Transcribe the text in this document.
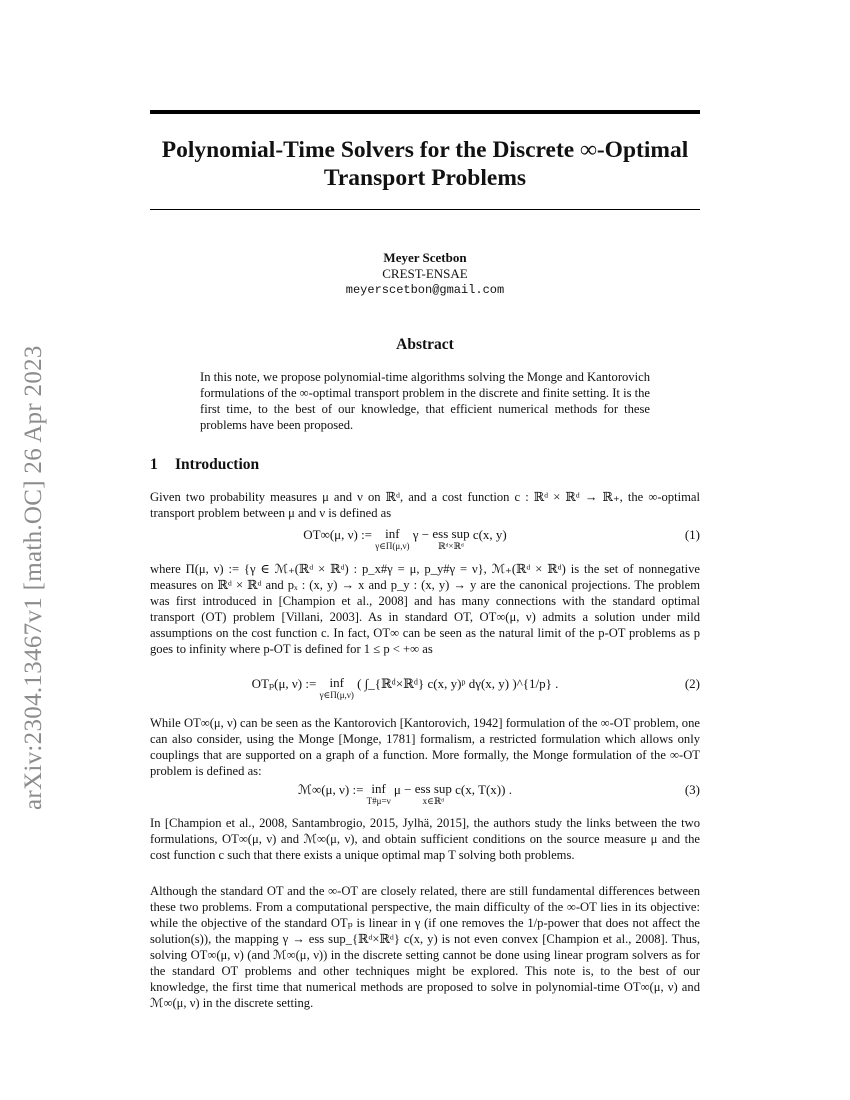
arXiv:2304.13467v1 [math.OC] 26 Apr 2023
Polynomial-Time Solvers for the Discrete ∞-Optimal Transport Problems
Meyer Scetbon
CREST-ENSAE
meyerscetbon@gmail.com
Abstract
In this note, we propose polynomial-time algorithms solving the Monge and Kantorovich formulations of the ∞-optimal transport problem in the discrete and finite setting. It is the first time, to the best of our knowledge, that efficient numerical methods for these problems have been proposed.
1 Introduction
Given two probability measures μ and ν on ℝᵈ, and a cost function c : ℝᵈ × ℝᵈ → ℝ₊, the ∞-optimal transport problem between μ and ν is defined as
OT∞(μ, ν) := inf
γ∈Π(μ,ν)
γ − ess sup
ℝᵈ×ℝᵈ
c(x, y)	(1)
where Π(μ, ν) := {γ ∈ ℳ₊(ℝᵈ × ℝᵈ) : p_x#γ = μ, p_y#γ = ν}, ℳ₊(ℝᵈ × ℝᵈ) is the set of nonnegative measures on ℝᵈ × ℝᵈ and pₓ : (x, y) → x and p_y : (x, y) → y are the canonical projections. The problem was first introduced in [Champion et al., 2008] and has many connections with the standard optimal transport (OT) problem [Villani, 2003]. As in standard OT, OT∞(μ, ν) admits a solution under mild assumptions on the cost function c. In fact, OT∞ can be seen as the natural limit of the p-OT problems as p goes to infinity where p-OT is defined for 1 ≤ p < +∞ as
OTₚ(μ, ν) := inf
γ∈Π(μ,ν)
( ∫_{ℝᵈ×ℝᵈ} c(x, y)ᵖ dγ(x, y) )^{1/p} .	(2)
While OT∞(μ, ν) can be seen as the Kantorovich [Kantorovich, 1942] formulation of the ∞-OT problem, one can also consider, using the Monge [Monge, 1781] formalism, a restricted formulation which allows only couplings that are supported on a graph of a function. More formally, the Monge formulation of the ∞-OT problem is defined as:
ℳ∞(μ, ν) := inf
T#μ=ν
μ − ess sup
x∈ℝᵈ
c(x, T(x)) .	(3)
In [Champion et al., 2008, Santambrogio, 2015, Jylhä, 2015], the authors study the links between the two formulations, OT∞(μ, ν) and ℳ∞(μ, ν), and obtain sufficient conditions on the source measure μ and the cost function c such that there exists a unique optimal map T solving both problems.
Although the standard OT and the ∞-OT are closely related, there are still fundamental differences between these two problems. From a computational perspective, the main difficulty of the ∞-OT lies in its objective: while the objective of the standard OTₚ is linear in γ (if one removes the 1/p-power that does not affect the solution(s)), the mapping γ → ess sup_{ℝᵈ×ℝᵈ} c(x, y) is not even convex [Champion et al., 2008]. Thus, solving OT∞(μ, ν) (and ℳ∞(μ, ν)) in the discrete setting cannot be done using linear program solvers as for the standard OT problems and other techniques might be explored. This note is, to the best of our knowledge, the first time that numerical methods are proposed to solve in polynomial-time OT∞(μ, ν) and ℳ∞(μ, ν) in the discrete setting.
